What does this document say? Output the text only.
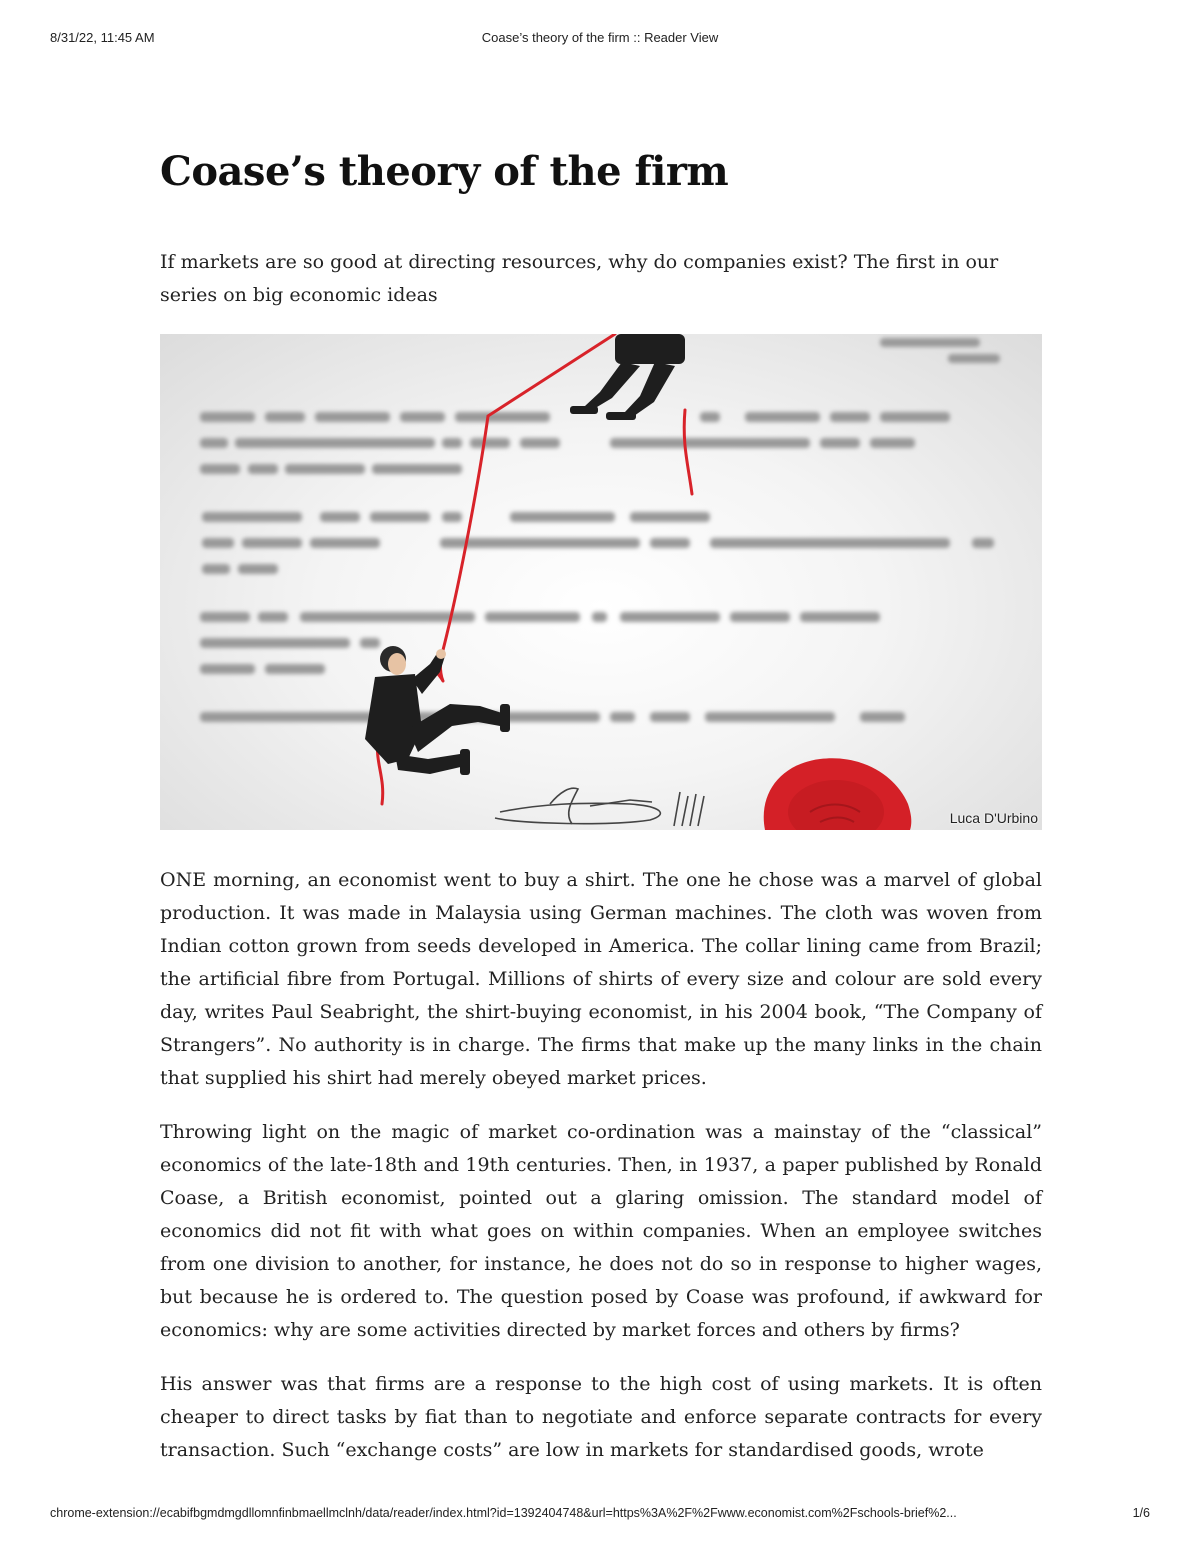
8/31/22, 11:45 AM	Coase’s theory of the firm :: Reader View
Coase’s theory of the firm
If markets are so good at directing resources, why do companies exist? The first in our series on big economic ideas
Luca D'Urbino

ONE morning, an economist went to buy a shirt. The one he chose was a marvel of global production. It was made in Malaysia using German machines. The cloth was woven from Indian cotton grown from seeds developed in America. The collar lining came from Brazil; the artificial fibre from Portugal. Millions of shirts of every size and colour are sold every day, writes Paul Seabright, the shirt-buying economist, in his 2004 book, “The Company of Strangers”. No authority is in charge. The firms that make up the many links in the chain that supplied his shirt had merely obeyed market prices.

Throwing light on the magic of market co-ordination was a mainstay of the “classical” economics of the late-18th and 19th centuries. Then, in 1937, a paper published by Ronald Coase, a British economist, pointed out a glaring omission. The standard model of economics did not fit with what goes on within companies. When an employee switches from one division to another, for instance, he does not do so in response to higher wages, but because he is ordered to. The question posed by Coase was profound, if awkward for economics: why are some activities directed by market forces and others by firms?

His answer was that firms are a response to the high cost of using markets. It is often cheaper to direct tasks by fiat than to negotiate and enforce separate contracts for every transaction. Such “exchange costs” are low in markets for standardised goods, wrote

chrome-extension://ecabifbgmdmgdllomnfinbmaellmclnh/data/reader/index.html?id=1392404748&url=https%3A%2F%2Fwww.economist.com%2Fschools-brief%2...	1/6
